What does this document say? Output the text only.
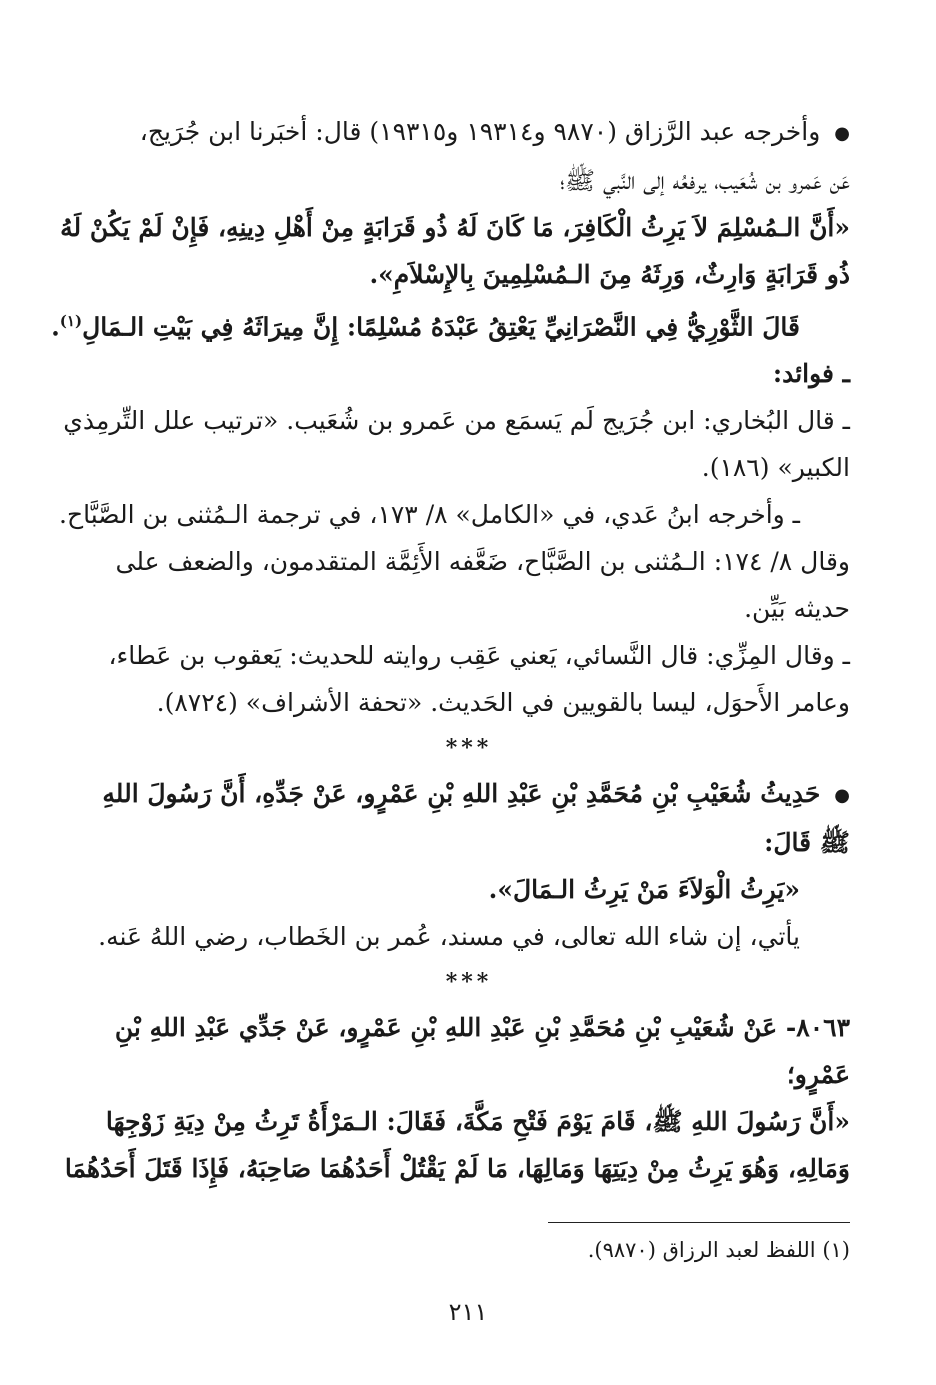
●وأخرجه عبد الرَّزاق (٩٨٧٠ و١٩٣١٤ و١٩٣١٥) قال: أخبَرنا ابن جُرَيج،

عَن عَمرو بن شُعَيب، يرفعُه إلى النَّبي ﷺ؛

«أَنَّ الـمُسْلِمَ لاَ يَرِثُ الْكَافِرَ، مَا كَانَ لَهُ ذُو قَرَابَةٍ مِنْ أَهْلِ دِينِهِ، فَإِنْ لَمْ يَكُنْ لَهُ

ذُو قَرَابَةٍ وَارِثٌ، وَرِثَهُ مِنَ الـمُسْلِمِينَ بِالإِسْلاَمِ».

قَالَ الثَّوْرِيُّ فِي النَّصْرَانِيِّ يَعْتِقُ عَبْدَهُ مُسْلِمًا: إِنَّ مِيرَاثَهُ فِي بَيْتِ الـمَالِ$^{(١)}$.

ـ فوائد:

ـ قال البُخاري: ابن جُرَيج لَم يَسمَع من عَمرو بن شُعَيب. «ترتيب علل التِّرمِذي

الكبير» (١٨٦).

ـ وأخرجه ابنُ عَدي، في «الكامل» ٨/ ١٧٣، في ترجمة الـمُثنى بن الصَّبَّاح.

وقال ٨/ ١٧٤: الـمُثنى بن الصَّبَّاح، ضَعَّفه الأَئِمَّة المتقدمون، والضعف على

حديثه بَيِّن.

ـ وقال المِزِّي: قال النَّسائي، يَعني عَقِب روايته للحديث: يَعقوب بن عَطاء،

وعامر الأَحوَل، ليسا بالقويين في الحَديث. «تحفة الأشراف» (٨٧٢٤).

***

●حَدِيثُ شُعَيْبِ بْنِ مُحَمَّدِ بْنِ عَبْدِ اللهِ بْنِ عَمْرٍو، عَنْ جَدِّهِ، أَنَّ رَسُولَ اللهِ

ﷺ قَالَ:

«يَرِثُ الْوَلاَءَ مَنْ يَرِثُ الـمَالَ».

يأتي، إن شاء الله تعالى، في مسند، عُمر بن الخَطاب، رضي اللهُ عَنه.

***

٨٠٦٣- عَنْ شُعَيْبِ بْنِ مُحَمَّدِ بْنِ عَبْدِ اللهِ بْنِ عَمْرٍو، عَنْ جَدِّي عَبْدِ اللهِ بْنِ

عَمْرٍو؛

«أَنَّ رَسُولَ اللهِ ﷺ، قَامَ يَوْمَ فَتْحِ مَكَّةَ، فَقَالَ: الـمَرْأَةُ تَرِثُ مِنْ دِيَةِ زَوْجِهَا

وَمَالِهِ، وَهُوَ يَرِثُ مِنْ دِيَتِهَا وَمَالِهَا، مَا لَمْ يَقْتُلْ أَحَدُهُمَا صَاحِبَهُ، فَإِذَا قَتَلَ أَحَدُهُمَا

(١) اللفظ لعبد الرزاق (٩٨٧٠).
٢١١
